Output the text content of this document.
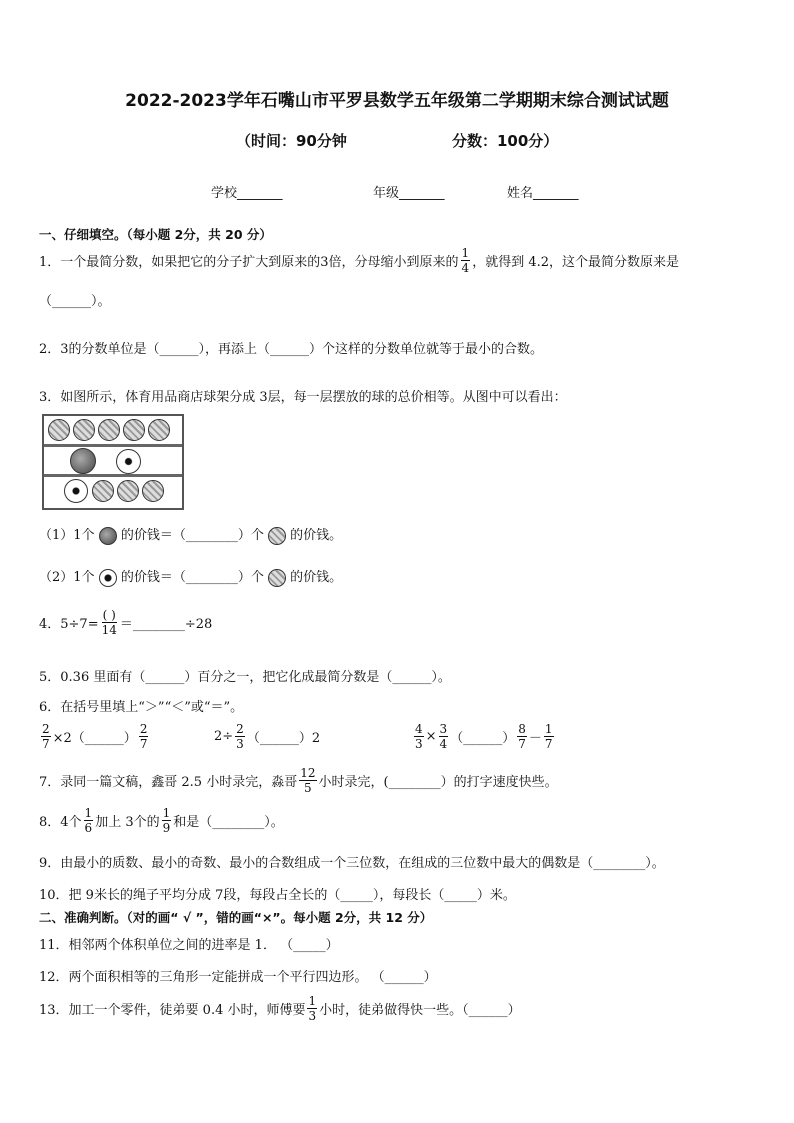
2022-2023学年石嘴山市平罗县数学五年级第二学期期末综合测试试题
（时间：90分钟	分数：100分）
学校_______	年级_______	姓名_______
一、仔细填空。（每小题 2分，共 20 分）
1．一个最简分数，如果把它的分子扩大到原来的3倍，分母缩小到原来的 $\frac{1}{4}$ ，就得到 4.2，这个最简分数原来是
（______）。
2．3的分数单位是（______），再添上（______）个这样的分数单位就等于最小的合数。
3．如图所示，体育用品商店球架分成 3层，每一层摆放的球的总价相等。从图中可以看出：
（1）1个 的价钱＝（________）个 的价钱。
（2）1个 的价钱＝（________）个 的价钱。
4．$5\div 7= \frac{( )}{14}$ ＝________÷28
5．0.36 里面有（______）百分之一，把它化成最简分数是（______）。
6．在括号里填上“＞”“＜”或“＝”。
$\frac{2}{7}$ ×2（______） $\frac{2}{7}$	$2\div \frac{2}{3}$ （______）2	$\frac{4}{3} \times \frac{3}{4}$ （______） $\frac{8}{7} - \frac{1}{7}$
7．录同一篇文稿，鑫哥 2.5 小时录完，淼哥 $\frac{12}{5}$ 小时录完，(________）的打字速度快些。
8．4个 $\frac{1}{6}$ 加上 3个的 $\frac{1}{9}$ 和是（________）。
9．由最小的质数、最小的奇数、最小的合数组成一个三位数，在组成的三位数中最大的偶数是（________）。
10．把 9米长的绳子平均分成 7段，每段占全长的（_____），每段长（_____）米。
二、准确判断。（对的画“ √ ”，错的画“×”。每小题 2分，共 12 分）
11．相邻两个体积单位之间的进率是 1． （_____）
12．两个面积相等的三角形一定能拼成一个平行四边形。 （______）
13．加工一个零件，徒弟要 0.4 小时，师傅要 $\frac{1}{3}$ 小时，徒弟做得快一些。（______）
